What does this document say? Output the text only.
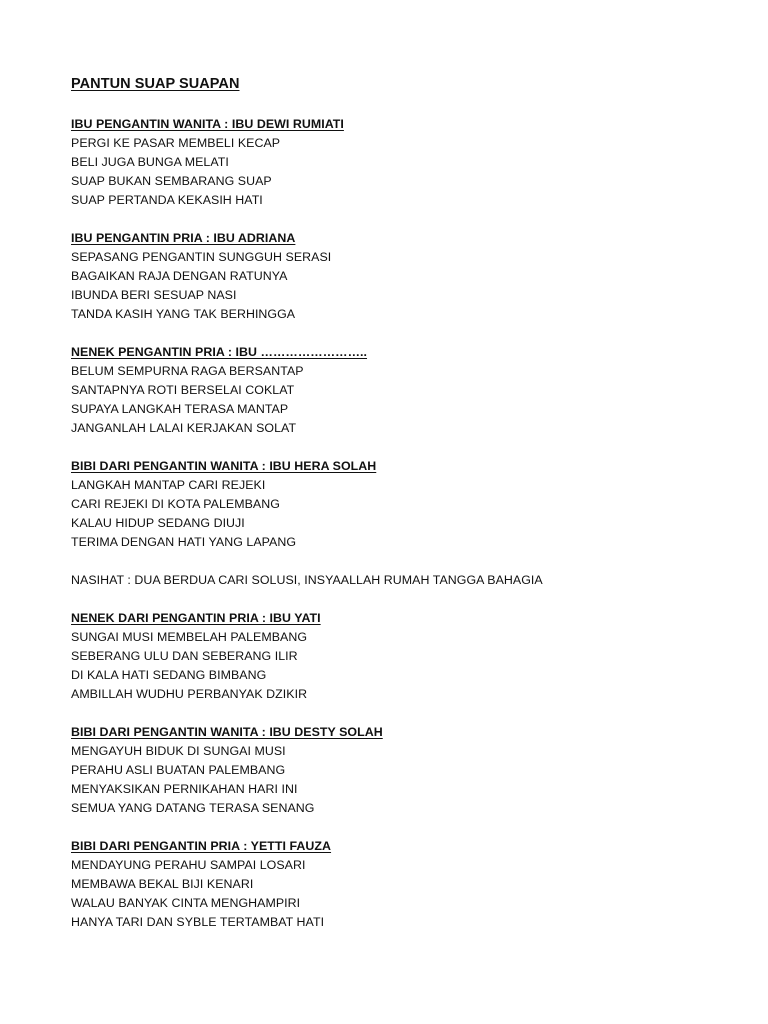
PANTUN SUAP SUAPAN
IBU PENGANTIN WANITA : IBU DEWI RUMIATI
PERGI KE PASAR MEMBELI KECAP
BELI JUGA BUNGA MELATI
SUAP BUKAN SEMBARANG SUAP
SUAP PERTANDA KEKASIH HATI
IBU PENGANTIN PRIA : IBU ADRIANA
SEPASANG PENGANTIN SUNGGUH SERASI
BAGAIKAN RAJA DENGAN RATUNYA
IBUNDA BERI SESUAP NASI
TANDA KASIH YANG TAK BERHINGGA
NENEK PENGANTIN PRIA : IBU ……………………..
BELUM SEMPURNA RAGA BERSANTAP
SANTAPNYA ROTI BERSELAI COKLAT
SUPAYA LANGKAH TERASA MANTAP
JANGANLAH LALAI KERJAKAN SOLAT
BIBI DARI PENGANTIN WANITA : IBU HERA SOLAH
LANGKAH MANTAP CARI REJEKI
CARI REJEKI DI KOTA PALEMBANG
KALAU HIDUP SEDANG DIUJI
TERIMA DENGAN HATI YANG LAPANG
NASIHAT : DUA BERDUA CARI SOLUSI, INSYAALLAH RUMAH TANGGA BAHAGIA
NENEK DARI PENGANTIN PRIA : IBU YATI
SUNGAI MUSI MEMBELAH PALEMBANG
SEBERANG ULU DAN SEBERANG ILIR
DI KALA HATI SEDANG BIMBANG
AMBILLAH WUDHU PERBANYAK DZIKIR
BIBI DARI PENGANTIN WANITA : IBU DESTY SOLAH
MENGAYUH BIDUK DI SUNGAI MUSI
PERAHU ASLI BUATAN PALEMBANG
MENYAKSIKAN PERNIKAHAN HARI INI
SEMUA YANG DATANG TERASA SENANG
BIBI DARI PENGANTIN PRIA : YETTI FAUZA
MENDAYUNG PERAHU SAMPAI LOSARI
MEMBAWA BEKAL BIJI KENARI
WALAU BANYAK CINTA MENGHAMPIRI
HANYA TARI DAN SYBLE TERTAMBAT HATI
